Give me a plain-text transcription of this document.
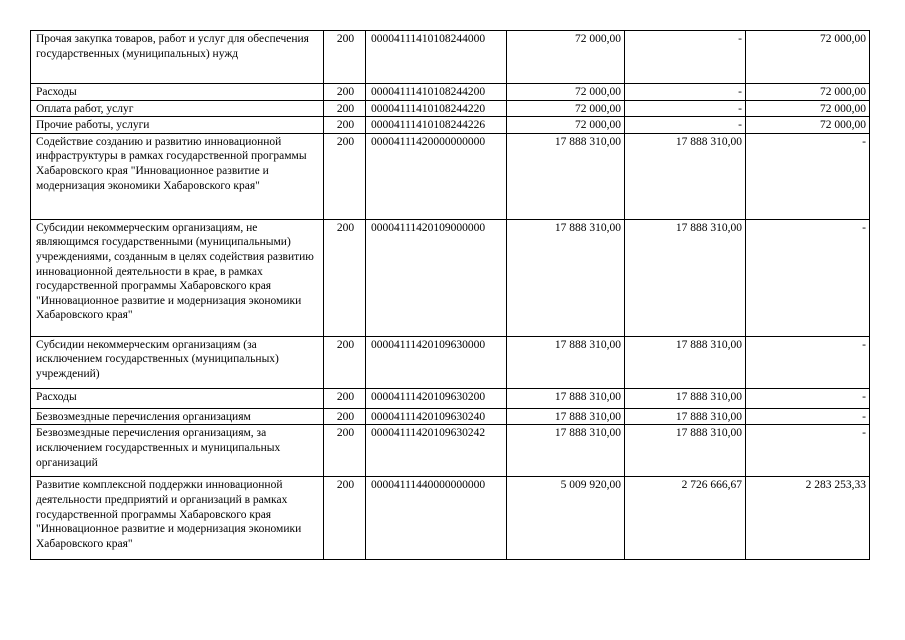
Прочая закупка товаров, работ и услуг для обеспечения государственных (муниципальных) нужд	200	00004111410108244000	72 000,00	-	72 000,00
Расходы	200	00004111410108244200	72 000,00	-	72 000,00
Оплата работ, услуг	200	00004111410108244220	72 000,00	-	72 000,00
Прочие работы, услуги	200	00004111410108244226	72 000,00	-	72 000,00
Содействие созданию и развитию инновационной инфраструктуры в рамках государственной программы Хабаровского края "Инновационное развитие и модернизация экономики Хабаровского края"	200	00004111420000000000	17 888 310,00	17 888 310,00	-
Субсидии некоммерческим организациям, не являющимся государственными (муниципальными) учреждениями, созданным в целях содействия развитию инновационной деятельности в крае, в рамках государственной программы Хабаровского края "Инновационное развитие и модернизация экономики Хабаровского края"	200	00004111420109000000	17 888 310,00	17 888 310,00	-
Субсидии некоммерческим организациям (за исключением государственных (муниципальных) учреждений)	200	00004111420109630000	17 888 310,00	17 888 310,00	-
Расходы	200	00004111420109630200	17 888 310,00	17 888 310,00	-
Безвозмездные перечисления организациям	200	00004111420109630240	17 888 310,00	17 888 310,00	-
Безвозмездные перечисления организациям, за исключением государственных и муниципальных организаций	200	00004111420109630242	17 888 310,00	17 888 310,00	-
Развитие комплексной поддержки инновационной деятельности предприятий и организаций в рамках государственной программы Хабаровского края "Инновационное развитие и модернизация экономики Хабаровского края"	200	00004111440000000000	5 009 920,00	2 726 666,67	2 283 253,33
